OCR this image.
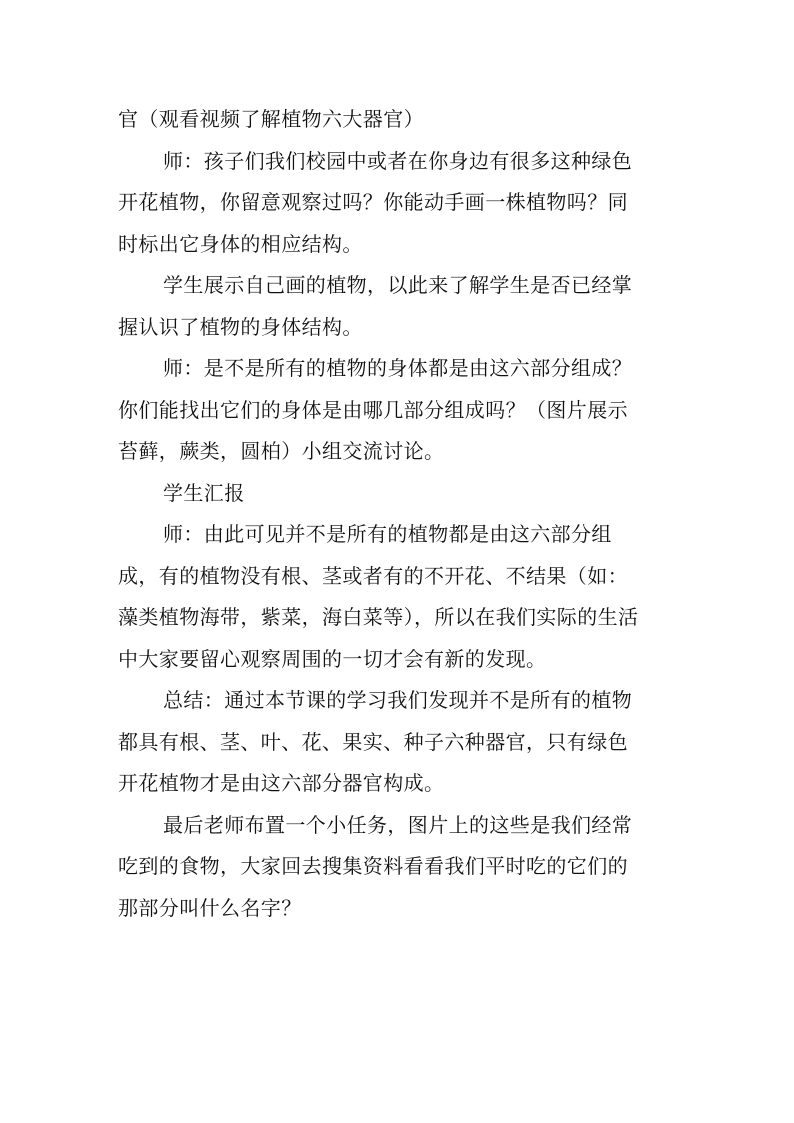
官（观看视频了解植物六大器官）
师：孩子们我们校园中或者在你身边有很多这种绿色
开花植物，你留意观察过吗？你能动手画一株植物吗？同
时标出它身体的相应结构。
学生展示自己画的植物，以此来了解学生是否已经掌
握认识了植物的身体结构。
师：是不是所有的植物的身体都是由这六部分组成？
你们能找出它们的身体是由哪几部分组成吗？（图片展示
苔藓，蕨类，圆柏）小组交流讨论。
学生汇报
师：由此可见并不是所有的植物都是由这六部分组
成，有的植物没有根、茎或者有的不开花、不结果（如：
藻类植物海带，紫菜，海白菜等），所以在我们实际的生活
中大家要留心观察周围的一切才会有新的发现。
总结：通过本节课的学习我们发现并不是所有的植物
都具有根、茎、叶、花、果实、种子六种器官，只有绿色
开花植物才是由这六部分器官构成。
最后老师布置一个小任务，图片上的这些是我们经常
吃到的食物，大家回去搜集资料看看我们平时吃的它们的
那部分叫什么名字？
